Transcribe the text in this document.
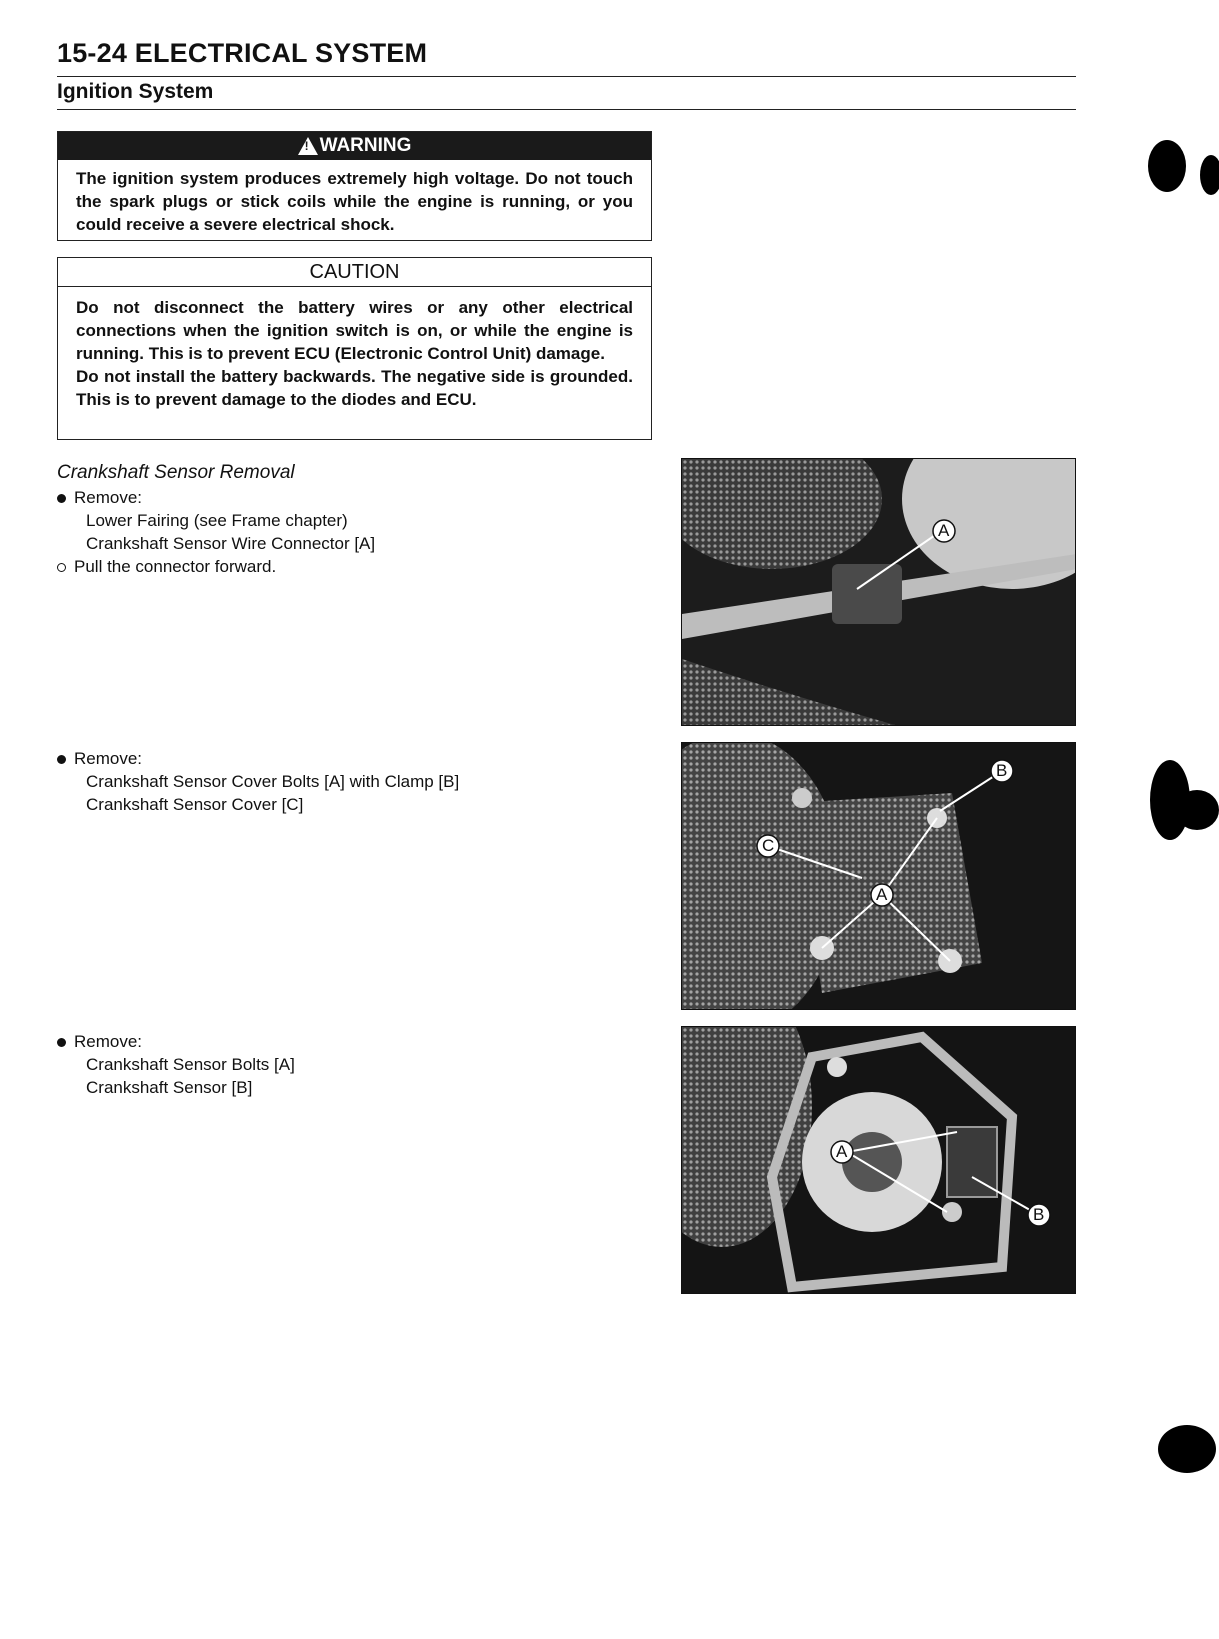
15-24 ELECTRICAL SYSTEM
Ignition System
!
WARNING
The ignition system produces extremely high voltage. Do not touch the spark plugs or stick coils while the engine is running, or you could receive a severe electrical shock.
CAUTION
Do not disconnect the battery wires or any other electrical connections when the ignition switch is on, or while the engine is running. This is to prevent ECU (Electronic Control Unit) damage.
Do not install the battery backwards. The negative side is grounded. This is to prevent damage to the diodes and ECU.
Crankshaft Sensor Removal
Remove:
Lower Fairing (see Frame chapter)
Crankshaft Sensor Wire Connector [A]
Pull the connector forward.
Remove:
Crankshaft Sensor Cover Bolts [A] with Clamp [B]
Crankshaft Sensor Cover [C]
Remove:
Crankshaft Sensor Bolts [A]
Crankshaft Sensor [B]
A
B
C
A
A
B
